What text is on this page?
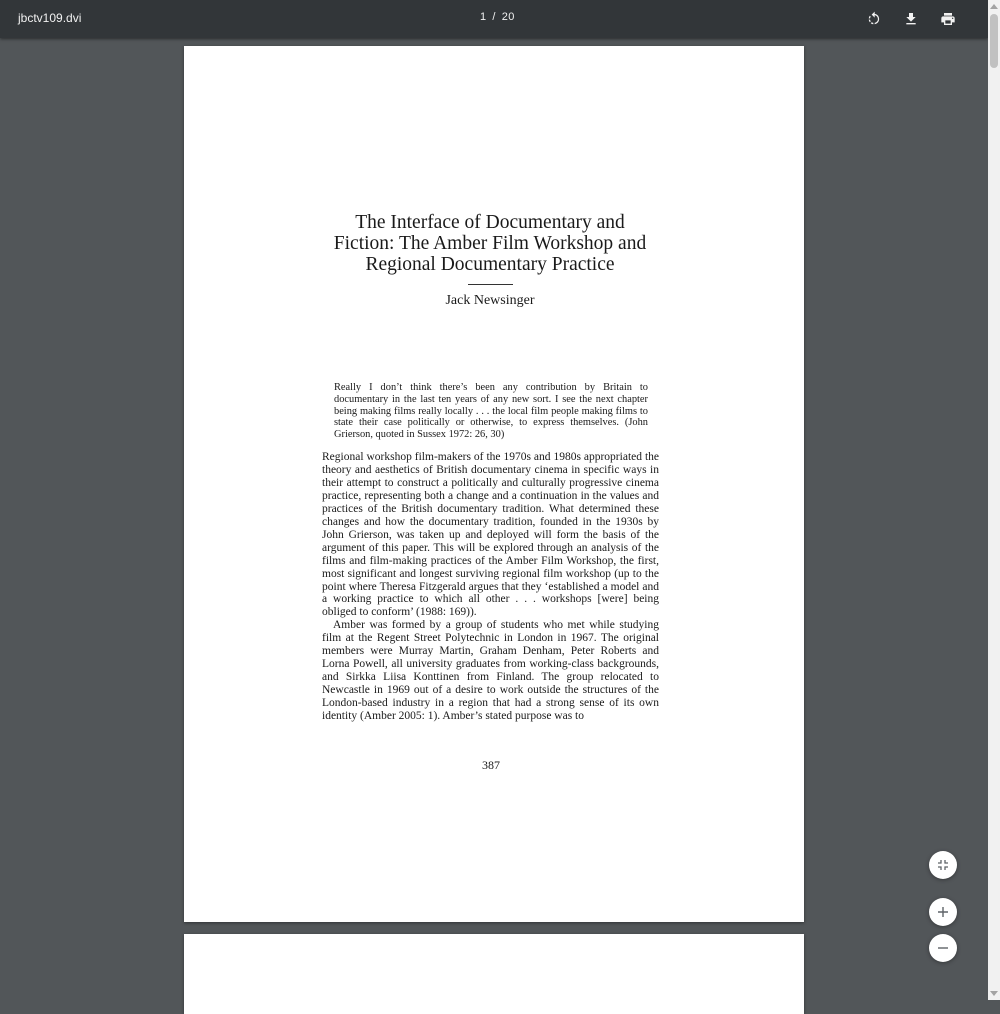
jbctv109.dvi	1 / 20
The Interface of Documentary and
Fiction: The Amber Film Workshop and
Regional Documentary Practice
Jack Newsinger

Really I don’t think there’s been any contribution by Britain to documentary in the last ten years of any new sort. I see the next chapter being making films really locally . . . the local film people making films to state their case politically or otherwise, to express themselves. (John Grierson, quoted in Sussex 1972: 26, 30)

Regional workshop film-makers of the 1970s and 1980s appropriated the theory and aesthetics of British documentary cinema in specific ways in their attempt to construct a politically and culturally progressive cinema practice, representing both a change and a continuation in the values and practices of the British documentary tradition. What determined these changes and how the documentary tradition, founded in the 1930s by John Grierson, was taken up and deployed will form the basis of the argument of this paper. This will be explored through an analysis of the films and film-making practices of the Amber Film Workshop, the first, most significant and longest surviving regional film workshop (up to the point where Theresa Fitzgerald argues that they ‘established a model and a working practice to which all other . . . workshops [were] being obliged to conform’ (1988: 169)).

Amber was formed by a group of students who met while studying film at the Regent Street Polytechnic in London in 1967. The original members were Murray Martin, Graham Denham, Peter Roberts and Lorna Powell, all university graduates from working-class backgrounds, and Sirkka Liisa Konttinen from Finland. The group relocated to Newcastle in 1969 out of a desire to work outside the structures of the London-based industry in a region that had a strong sense of its own identity (Amber 2005: 1). Amber’s stated purpose was to

387
